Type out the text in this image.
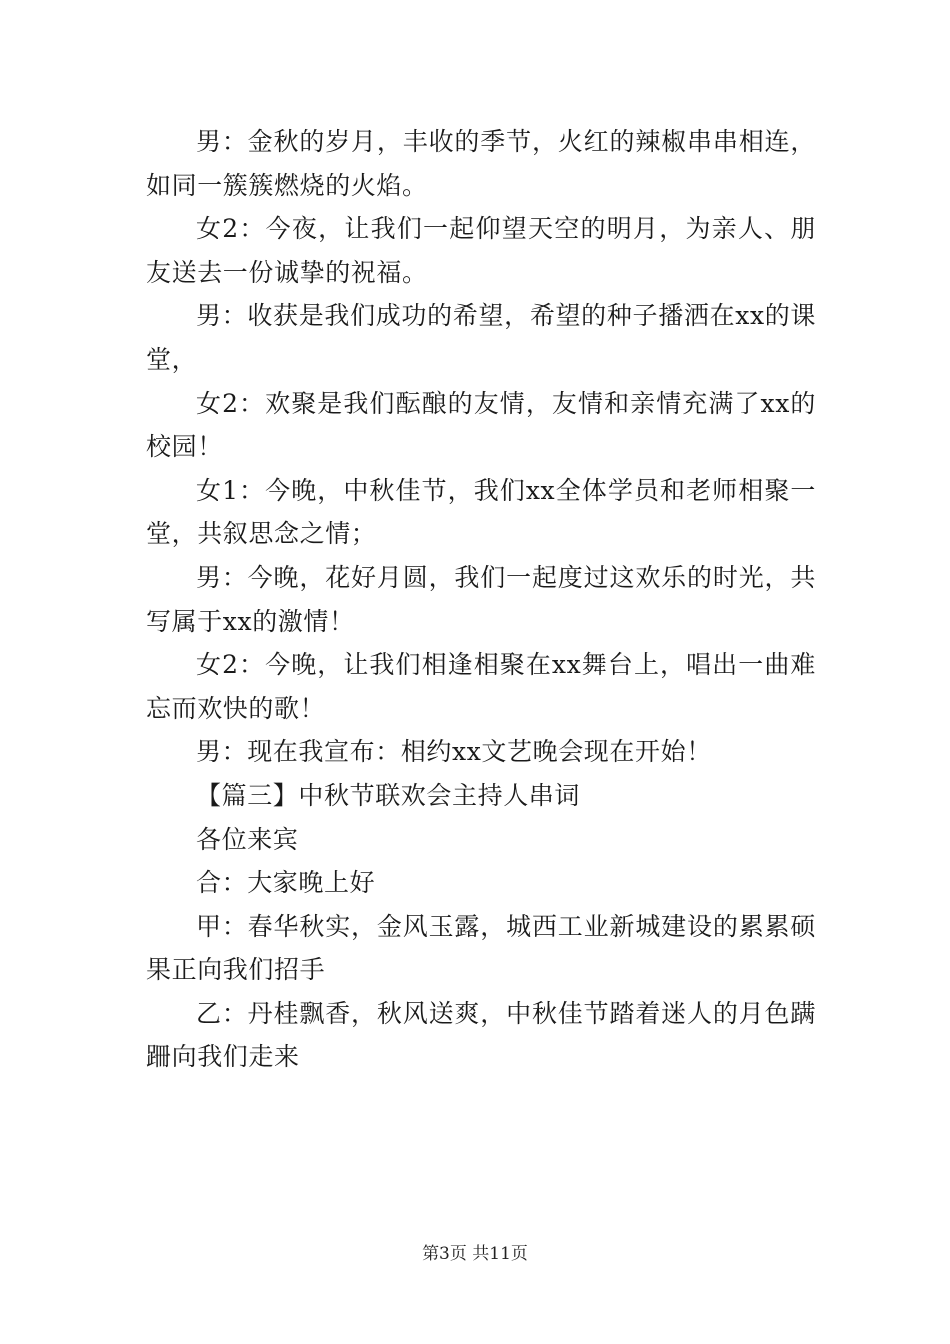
男：金秋的岁月，丰收的季节，火红的辣椒串串相连，如同一簇簇燃烧的火焰。

女2：今夜，让我们一起仰望天空的明月，为亲人、朋友送去一份诚挚的祝福。

男：收获是我们成功的希望，希望的种子播洒在xx的课堂，

女2：欢聚是我们酝酿的友情，友情和亲情充满了xx的校园！

女1：今晚，中秋佳节，我们xx全体学员和老师相聚一堂，共叙思念之情；

男：今晚，花好月圆，我们一起度过这欢乐的时光，共写属于xx的激情！

女2：今晚，让我们相逢相聚在xx舞台上，唱出一曲难忘而欢快的歌！

男：现在我宣布：相约xx文艺晚会现在开始！

【篇三】中秋节联欢会主持人串词

各位来宾

合：大家晚上好

甲：春华秋实，金风玉露，城西工业新城建设的累累硕果正向我们招手

乙：丹桂飘香，秋风送爽，中秋佳节踏着迷人的月色蹒跚向我们走来

第3页 共11页
